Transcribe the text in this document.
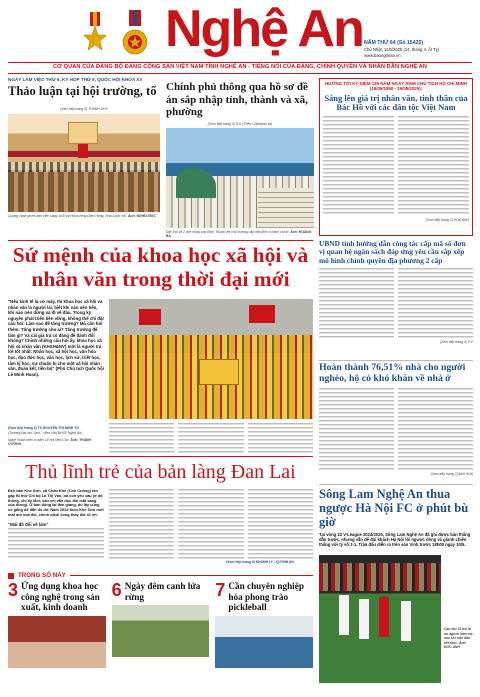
Nghệ An NĂM THỨ 64 (Số 15425)
Chủ Nhật, 11/5/2025 (14, tháng 4, Ất Tỵ)
www.baonghean.vn
CƠ QUAN CỦA ĐẢNG BỘ ĐẢNG CỘNG SẢN VIỆT NAM TỈNH NGHỆ AN - TIẾNG NÓI CỦA ĐẢNG, CHÍNH QUYỀN VÀ NHÂN DÂN NGHỆ AN
NGÀY LÀM VIỆC THỨ 6, KỲ HỌP THỨ 9, QUỐC HỘI KHÓA XV
Thảo luận tại hội trường, tổ
(Xem tiếp trang 3) THÀNH DUY
Quang cảnh phiên làm việc sáng 10/5 tại Hội trường Diên Hồng, Nhà Quốc hội. Ảnh: NGHĨA ĐỨC
Chính phủ thông qua hồ sơ đề án sắp nhập tỉnh, thành và xã, phường
(Xem tiếp trang 3) N.K (Theo Chinhphu.vn)
Đặc thù về 2 tỉnh nhập vào Bình Thuận với chủ trương sắp xếp đơn vị hành chính. Ảnh: HOÀNG BẢ
HƯỚNG TỚI KỶ NIỆM 135 NĂM NGÀY SINH CHỦ TỊCH HỒ CHÍ MINH (19/05/1890 - 19/05/2025):
Sáng lên giá trị nhân văn, tinh thần của Bác Hồ với các dân tộc Việt Nam
(Xem tiếp trang 3) HOÀ ANH
Sứ mệnh của khoa học xã hội và nhân văn trong thời đại mới
"Nếu kinh tế là cơ máy, thì khoa học xã hội và nhân văn là người lái, biết khi nào nên tiến, khi nào nên dừng và đi về đâu. Trong kỷ nguyên phát triển bền vững, không thể chỉ đặt câu hỏi: Làm sao để tăng trưởng? Mà cần hỏi thêm: Tăng trưởng cho ai? Tăng trưởng để làm gì? Và cái giá trả có đáng để đánh đổi không? Chính những câu hỏi ấy, khoa học xã hội và nhân văn (KHXH&NV) mới là người trả lời tốt nhất: Nhân học, xã hội học, văn hóa học, đạo đức học, văn học, lịch sử, triết học, tâm lý học, sự chuẩn bị cho một xã hội nhân văn, đoàn kết, tiến bộ" (Phó Chủ tịch Quốc hội Lê Minh Hoan).
(Xem tiếp trang 4) TS NGUYỄN THỊ MINH TÚ
(Trường Đại học Vinh - Viện Văn ĐHSP Nghệ An)
Nghệ thuật chèo ví dặm Lễ hội Đền Côn. Ảnh: THANH CƯỜNG
UBND tỉnh hướng dẫn công tác cấp mã số đơn vị quan hệ ngân sách đáp ứng yêu cầu sắp xếp mô hình chính quyền địa phương 2 cấp
(Xem tiếp trang 2) P.V
Hoàn thành 76,51% nhà cho người nghèo, hộ có khó khăn về nhà ở
(Xem tiếp trang 2) MAI HOA
Thủ lĩnh trẻ của bản làng Đan Lai
Đến bản Khe Sơn, xã Châu Khê (Con Cuông) tìm gặp Bí thư Chi bộ La Thị Vân, bà con yêu cầu (ở độ thông, chị ấy lắm; sau chị vẫn đọc đôi mắt sáng của đứng). Ở bản đồng lại lắm giang, dù lấy cũng cố gắng để dẫn đó dó. Năm 2024 thôn Khe Sơn mới mất mù xoá đói, chính cảnh sống thay đổi rõ rệt.
"Mái đã đổi về làm"
(Xem tiếp trang 3) KHÁNH LY - QUỲNH AN
Sông Lam Nghệ An thua ngược Hà Nội FC ở phút bù giờ
Tại vòng 22 V-League 2024/2025, Sông Lam Nghệ An đã ghi được bàn thắng dẫn trước, nhưng vẫn để đội khách Hà Nội lội ngược dòng và giành chiến thắng với tỷ số 2-1. Trận đấu diễn ra trên sân Vinh trước 18h00 ngày 10/5.
Cầu thủ SLNA tri ân người hâm mộ sau khi trận đấu kết thúc. Ảnh: ĐỨC ANH
TRONG SỐ NÀY
3 Ứng dụng khoa học công nghệ trong sản xuất, kinh doanh
6 Ngày đêm canh lửa rừng	7 Cần chuyên nghiệp hóa phong trào pickleball
